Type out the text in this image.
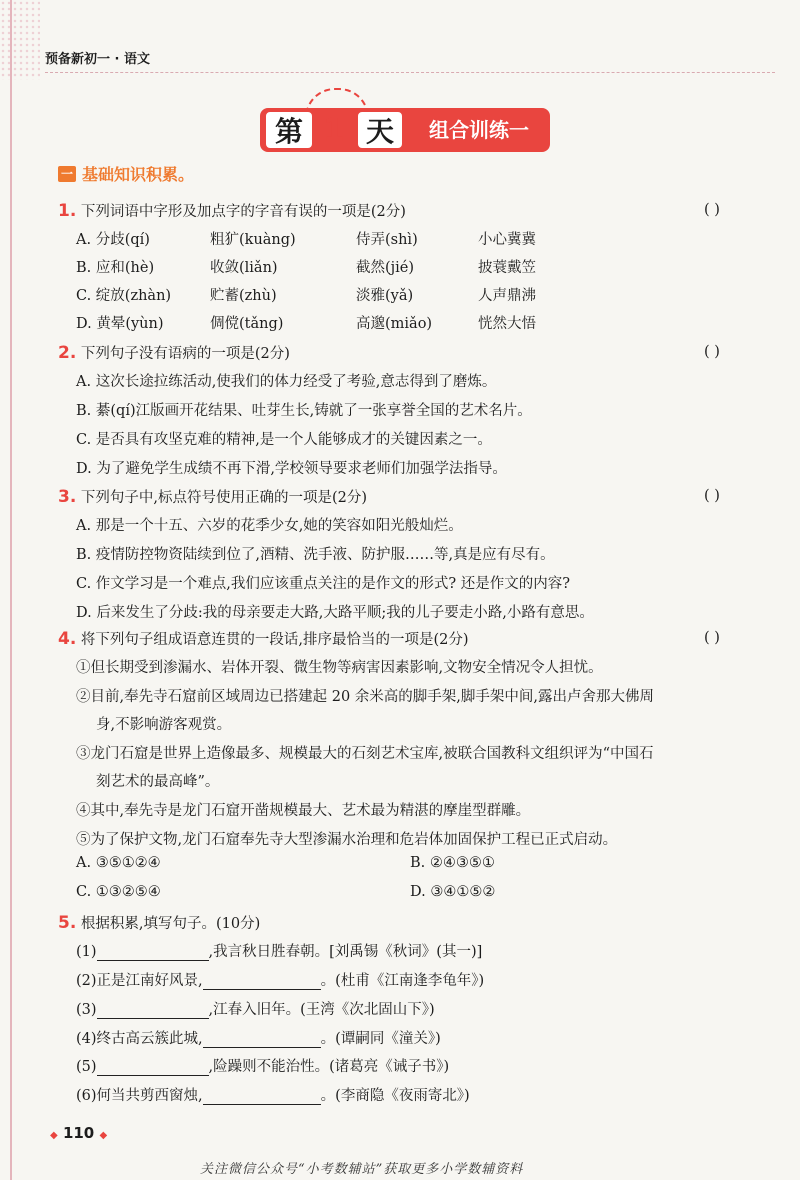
预备新初一 · 语文
第 1 天	组合训练一
一 基础知识积累。
1. 下列词语中字形及加点字的字音有误的一项是(2分)	( )
A. 分歧(qí)	粗犷(kuàng)	侍弄(shì)	小心冀冀
B. 应和(hè)	收敛(liǎn)	截然(jié)	披蓑戴笠
C. 绽放(zhàn)	贮蓄(zhù)	淡雅(yǎ)	人声鼎沸
D. 黄晕(yùn)	倜傥(tǎng)	高邈(miǎo)	恍然大悟
2. 下列句子没有语病的一项是(2分)	( )
A. 这次长途拉练活动,使我们的体力经受了考验,意志得到了磨炼。
B. 綦(qí)江版画开花结果、吐芽生长,铸就了一张享誉全国的艺术名片。
C. 是否具有攻坚克难的精神,是一个人能够成才的关键因素之一。
D. 为了避免学生成绩不再下滑,学校领导要求老师们加强学法指导。
3. 下列句子中,标点符号使用正确的一项是(2分)	( )
A. 那是一个十五、六岁的花季少女,她的笑容如阳光般灿烂。
B. 疫情防控物资陆续到位了,酒精、洗手液、防护服……等,真是应有尽有。
C. 作文学习是一个难点,我们应该重点关注的是作文的形式? 还是作文的内容?
D. 后来发生了分歧:我的母亲要走大路,大路平顺;我的儿子要走小路,小路有意思。
4. 将下列句子组成语意连贯的一段话,排序最恰当的一项是(2分)	( )
①但长期受到渗漏水、岩体开裂、微生物等病害因素影响,文物安全情况令人担忧。
②目前,奉先寺石窟前区域周边已搭建起 20 余米高的脚手架,脚手架中间,露出卢舍那大佛周
身,不影响游客观赏。
③龙门石窟是世界上造像最多、规模最大的石刻艺术宝库,被联合国教科文组织评为“中国石
刻艺术的最高峰”。
④其中,奉先寺是龙门石窟开凿规模最大、艺术最为精湛的摩崖型群雕。
⑤为了保护文物,龙门石窟奉先寺大型渗漏水治理和危岩体加固保护工程已正式启动。
A. ③⑤①②④	B. ②④③⑤①
C. ①③②⑤④	D. ③④①⑤②
5. 根据积累,填写句子。(10分)
(1)	,我言秋日胜春朝。[刘禹锡《秋词》(其一)]
(2)正是江南好风景,	。(杜甫《江南逢李龟年》)
(3)	,江春入旧年。(王湾《次北固山下》)
(4)终古高云簇此城,	。(谭嗣同《潼关》)
(5)	,险躁则不能治性。(诸葛亮《诫子书》)
(6)何当共剪西窗烛,	。(李商隐《夜雨寄北》)
◆ 110 ◆
关注微信公众号“小考数辅站”获取更多小学数辅资料
